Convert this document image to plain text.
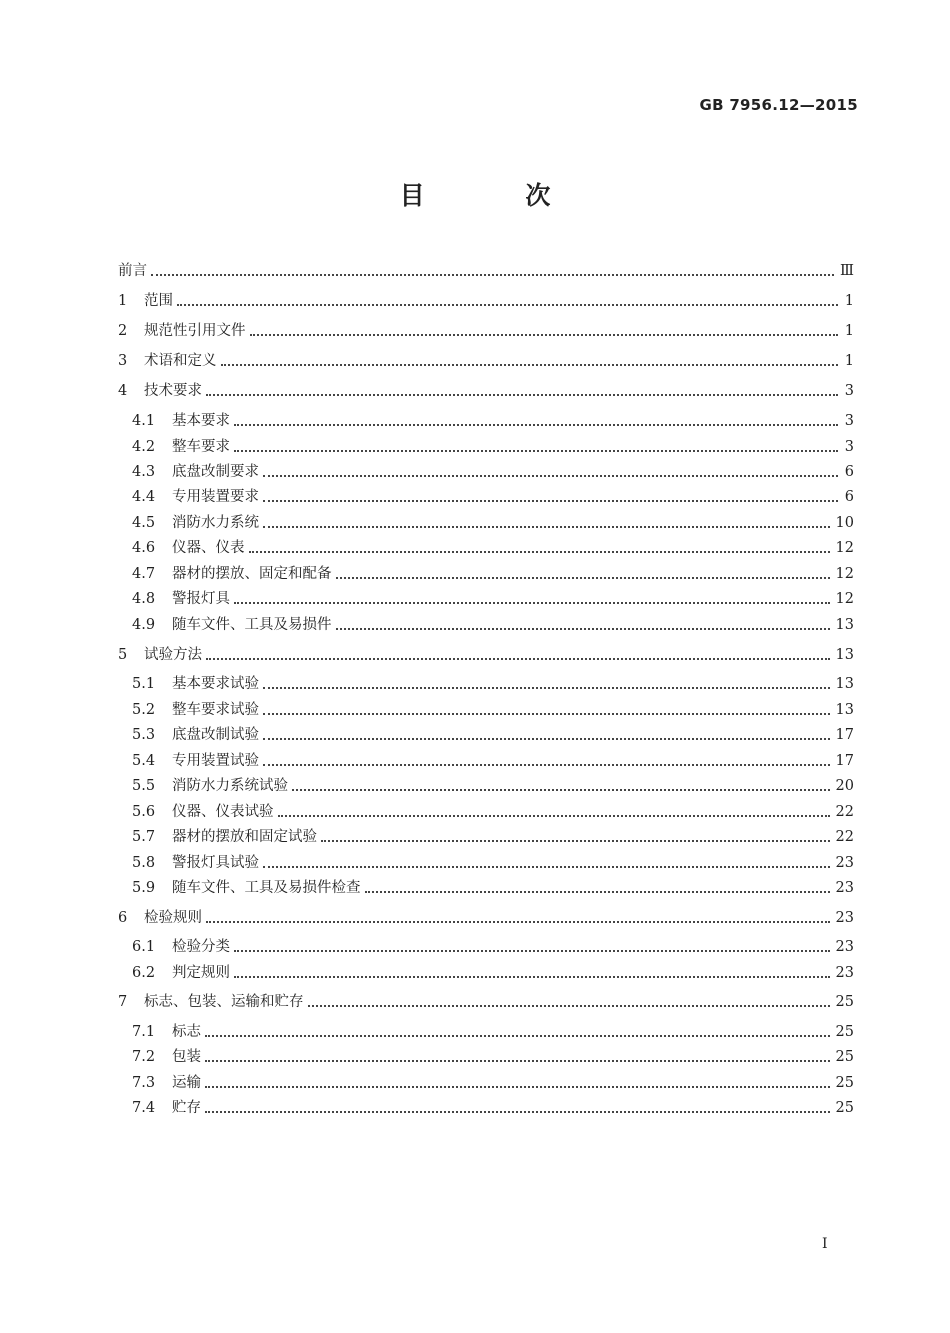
GB 7956.12—2015
目 次
前言	Ⅲ
1	范围	1
2	规范性引用文件	1
3	术语和定义	1
4	技术要求	3
4.1	基本要求	3
4.2	整车要求	3
4.3	底盘改制要求	6
4.4	专用装置要求	6
4.5	消防水力系统	10
4.6	仪器、仪表	12
4.7	器材的摆放、固定和配备	12
4.8	警报灯具	12
4.9	随车文件、工具及易损件	13
5	试验方法	13
5.1	基本要求试验	13
5.2	整车要求试验	13
5.3	底盘改制试验	17
5.4	专用装置试验	17
5.5	消防水力系统试验	20
5.6	仪器、仪表试验	22
5.7	器材的摆放和固定试验	22
5.8	警报灯具试验	23
5.9	随车文件、工具及易损件检查	23
6	检验规则	23
6.1	检验分类	23
6.2	判定规则	23
7	标志、包装、运输和贮存	25
7.1	标志	25
7.2	包装	25
7.3	运输	25
7.4	贮存	25
I
